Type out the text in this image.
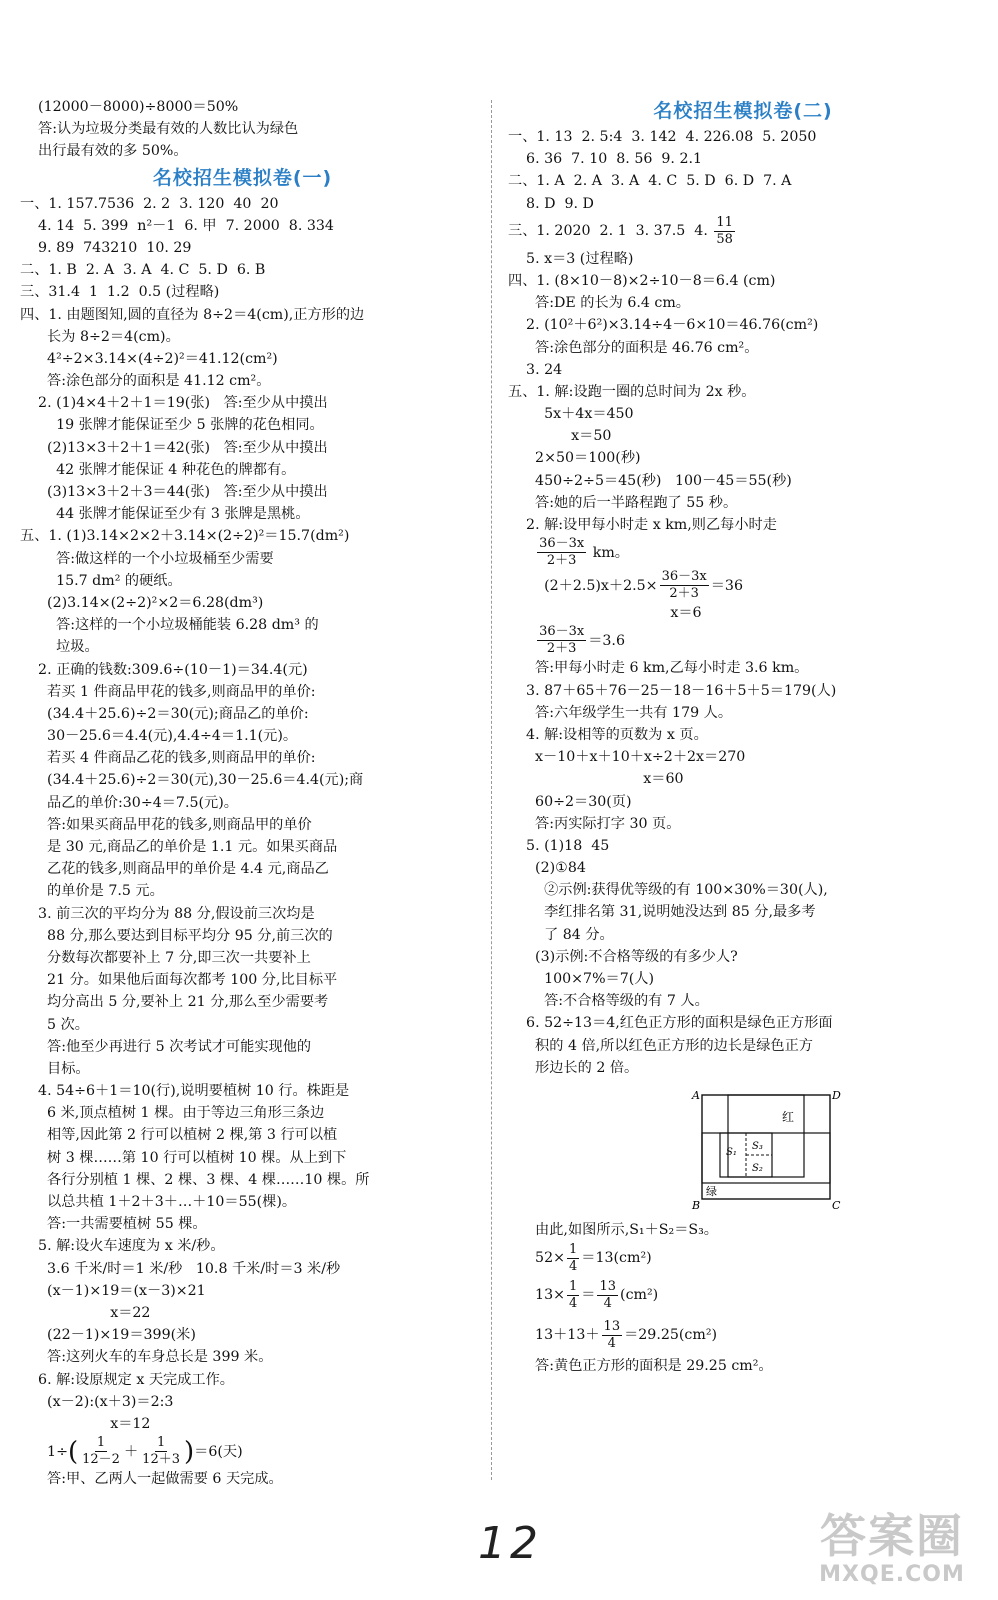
(12000－8000)÷8000＝50%
答:认为垃圾分类最有效的人数比认为绿色
出行最有效的多 50%。
名校招生模拟卷(一)
一、1. 157.7536  2. 2  3. 120  40  20
4. 14  5. 399  n²－1  6. 甲  7. 2000  8. 334
9. 89  743210  10. 29
二、1. B  2. A  3. A  4. C  5. D  6. B
三、31.4  1  1.2  0.5 (过程略)
四、1. 由题图知,圆的直径为 8÷2＝4(cm),正方形的边
长为 8÷2＝4(cm)。
4²÷2×3.14×(4÷2)²＝41.12(cm²)
答:涂色部分的面积是 41.12 cm²。
2. (1)4×4＋2＋1＝19(张)   答:至少从中摸出
19 张牌才能保证至少 5 张牌的花色相同。
(2)13×3＋2＋1＝42(张)   答:至少从中摸出
42 张牌才能保证 4 种花色的牌都有。
(3)13×3＋2＋3＝44(张)   答:至少从中摸出
44 张牌才能保证至少有 3 张牌是黑桃。
五、1. (1)3.14×2×2＋3.14×(2÷2)²＝15.7(dm²)
答:做这样的一个小垃圾桶至少需要
15.7 dm² 的硬纸。
(2)3.14×(2÷2)²×2＝6.28(dm³)
答:这样的一个小垃圾桶能装 6.28 dm³ 的
垃圾。
2. 正确的钱数:309.6÷(10－1)＝34.4(元)
若买 1 件商品甲花的钱多,则商品甲的单价:
(34.4＋25.6)÷2＝30(元);商品乙的单价:
30－25.6＝4.4(元),4.4÷4＝1.1(元)。
若买 4 件商品乙花的钱多,则商品甲的单价:
(34.4＋25.6)÷2＝30(元),30－25.6＝4.4(元);商
品乙的单价:30÷4＝7.5(元)。
答:如果买商品甲花的钱多,则商品甲的单价
是 30 元,商品乙的单价是 1.1 元。如果买商品
乙花的钱多,则商品甲的单价是 4.4 元,商品乙
的单价是 7.5 元。
3. 前三次的平均分为 88 分,假设前三次均是
88 分,那么要达到目标平均分 95 分,前三次的
分数每次都要补上 7 分,即三次一共要补上
21 分。如果他后面每次都考 100 分,比目标平
均分高出 5 分,要补上 21 分,那么至少需要考
5 次。
答:他至少再进行 5 次考试才可能实现他的
目标。
4. 54÷6＋1＝10(行),说明要植树 10 行。株距是
6 米,顶点植树 1 棵。由于等边三角形三条边
相等,因此第 2 行可以植树 2 棵,第 3 行可以植
树 3 棵……第 10 行可以植树 10 棵。从上到下
各行分别植 1 棵、2 棵、3 棵、4 棵……10 棵。所
以总共植 1＋2＋3＋…＋10＝55(棵)。
答:一共需要植树 55 棵。
5. 解:设火车速度为 x 米/秒。
3.6 千米/时＝1 米/秒   10.8 千米/时＝3 米/秒
(x－1)×19＝(x－3)×21
x＝22
(22－1)×19＝399(米)
答:这列火车的车身总长是 399 米。
6. 解:设原规定 x 天完成工作。
(x－2):(x＋3)＝2:3
x＝12
1÷ ( $\frac{1}{12-2} + \frac{1}{12+3}$ ) ＝6(天)
答:甲、乙两人一起做需要 6 天完成。
名校招生模拟卷(二)
一、1. 13  2. 5:4  3. 142  4. 226.08  5. 2050
6. 36  7. 10  8. 56  9. 2.1
二、1. A  2. A  3. A  4. C  5. D  6. D  7. A
8. D  9. D
三、1. 2020  2. 1  3. 37.5  4. $\frac{11}{58}$
5. x＝3 (过程略)
四、1. (8×10－8)×2÷10－8＝6.4 (cm)
答:DE 的长为 6.4 cm。
2. (10²＋6²)×3.14÷4－6×10＝46.76(cm²)
答:涂色部分的面积是 46.76 cm²。
3. 24
五、1. 解:设跑一圈的总时间为 2x 秒。
5x＋4x＝450
x＝50
2×50＝100(秒)
450÷2÷5＝45(秒)   100－45＝55(秒)
答:她的后一半路程跑了 55 秒。
2. 解:设甲每小时走 x km,则乙每小时走

$\frac{36-3x}{2+3}$ km。
$(2+2.5)x+2.5\times \frac{36-3x}{2+3} =36$
x＝6

$\frac{36-3x}{2+3} =3.6$
答:甲每小时走 6 km,乙每小时走 3.6 km。
3. 87＋65＋76－25－18－16＋5＋5＝179(人)
答:六年级学生一共有 179 人。
4. 解:设相等的页数为 x 页。
x－10＋x＋10＋x÷2＋2x＝270
x＝60
60÷2＝30(页)
答:丙实际打字 30 页。
5. (1)18  45
(2)①84
②示例:获得优等级的有 100×30%＝30(人),
李红排名第 31,说明她没达到 85 分,最多考
了 84 分。
(3)示例:不合格等级的有多少人?
100×7%＝7(人)
答:不合格等级的有 7 人。
6. 52÷13＝4,红色正方形的面积是绿色正方形面
积的 4 倍,所以红色正方形的边长是绿色正方
形边长的 2 倍。
A	D
B	C
红
绿
S₁
S₃
S₂
由此,如图所示,S₁＋S₂＝S₃。
$52\times \frac{1}{4} =13(cm^2)$
$13\times \frac{1}{4} = \frac{13}{4} (cm^2)$
$13+13+ \frac{13}{4} =29.25(cm^2)$
答:黄色正方形的面积是 29.25 cm²。
12	答案圈
MXQE.COM
